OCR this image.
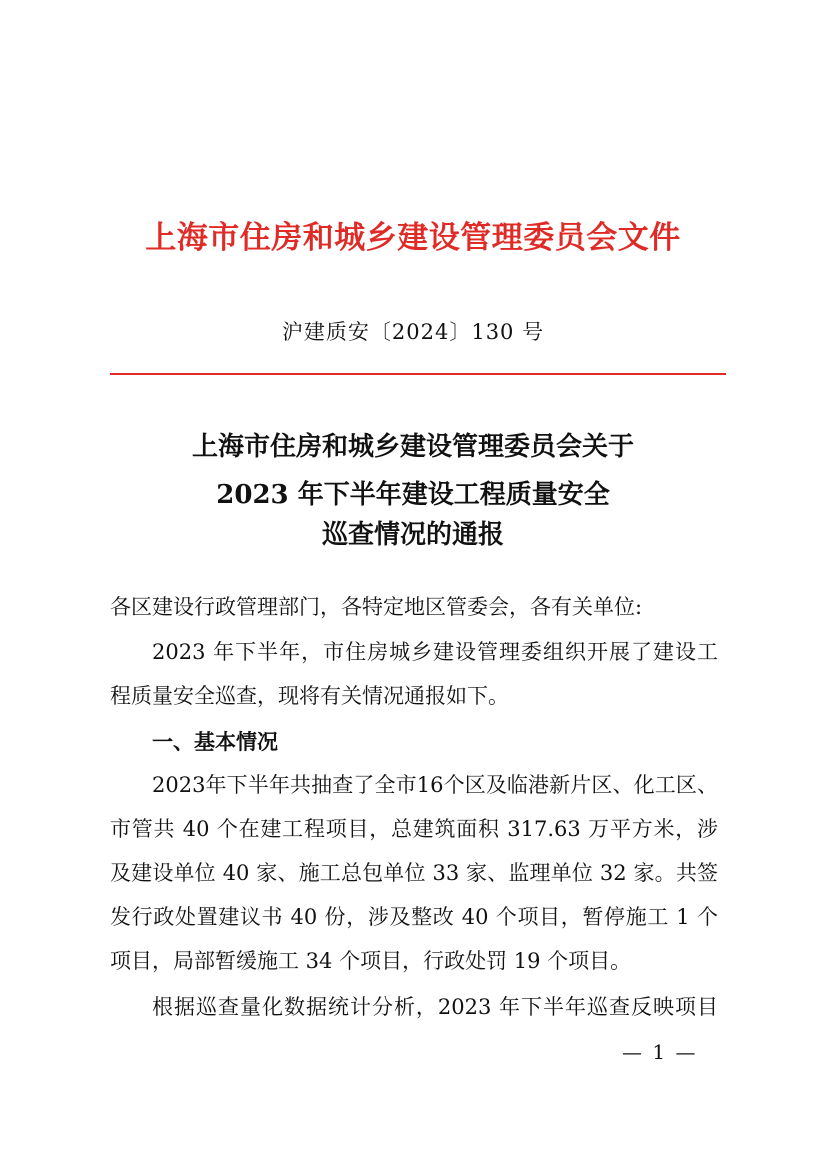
上海市住房和城乡建设管理委员会文件
沪建质安〔2024〕130 号
上海市住房和城乡建设管理委员会关于
2023 年下半年建设工程质量安全
巡查情况的通报

各区建设行政管理部门，各特定地区管委会，各有关单位:

2023 年下半年，市住房城乡建设管理委组织开展了建设工
程质量安全巡查，现将有关情况通报如下。

一、基本情况

2023年下半年共抽查了全市16个区及临港新片区、化工区、
市管共 40 个在建工程项目，总建筑面积 317.63 万平方米，涉
及建设单位 40 家、施工总包单位 33 家、监理单位 32 家。共签
发行政处置建议书 40 份，涉及整改 40 个项目，暂停施工 1 个
项目，局部暂缓施工 34 个项目，行政处罚 19 个项目。

根据巡查量化数据统计分析，2023 年下半年巡查反映项目

— 1 —
